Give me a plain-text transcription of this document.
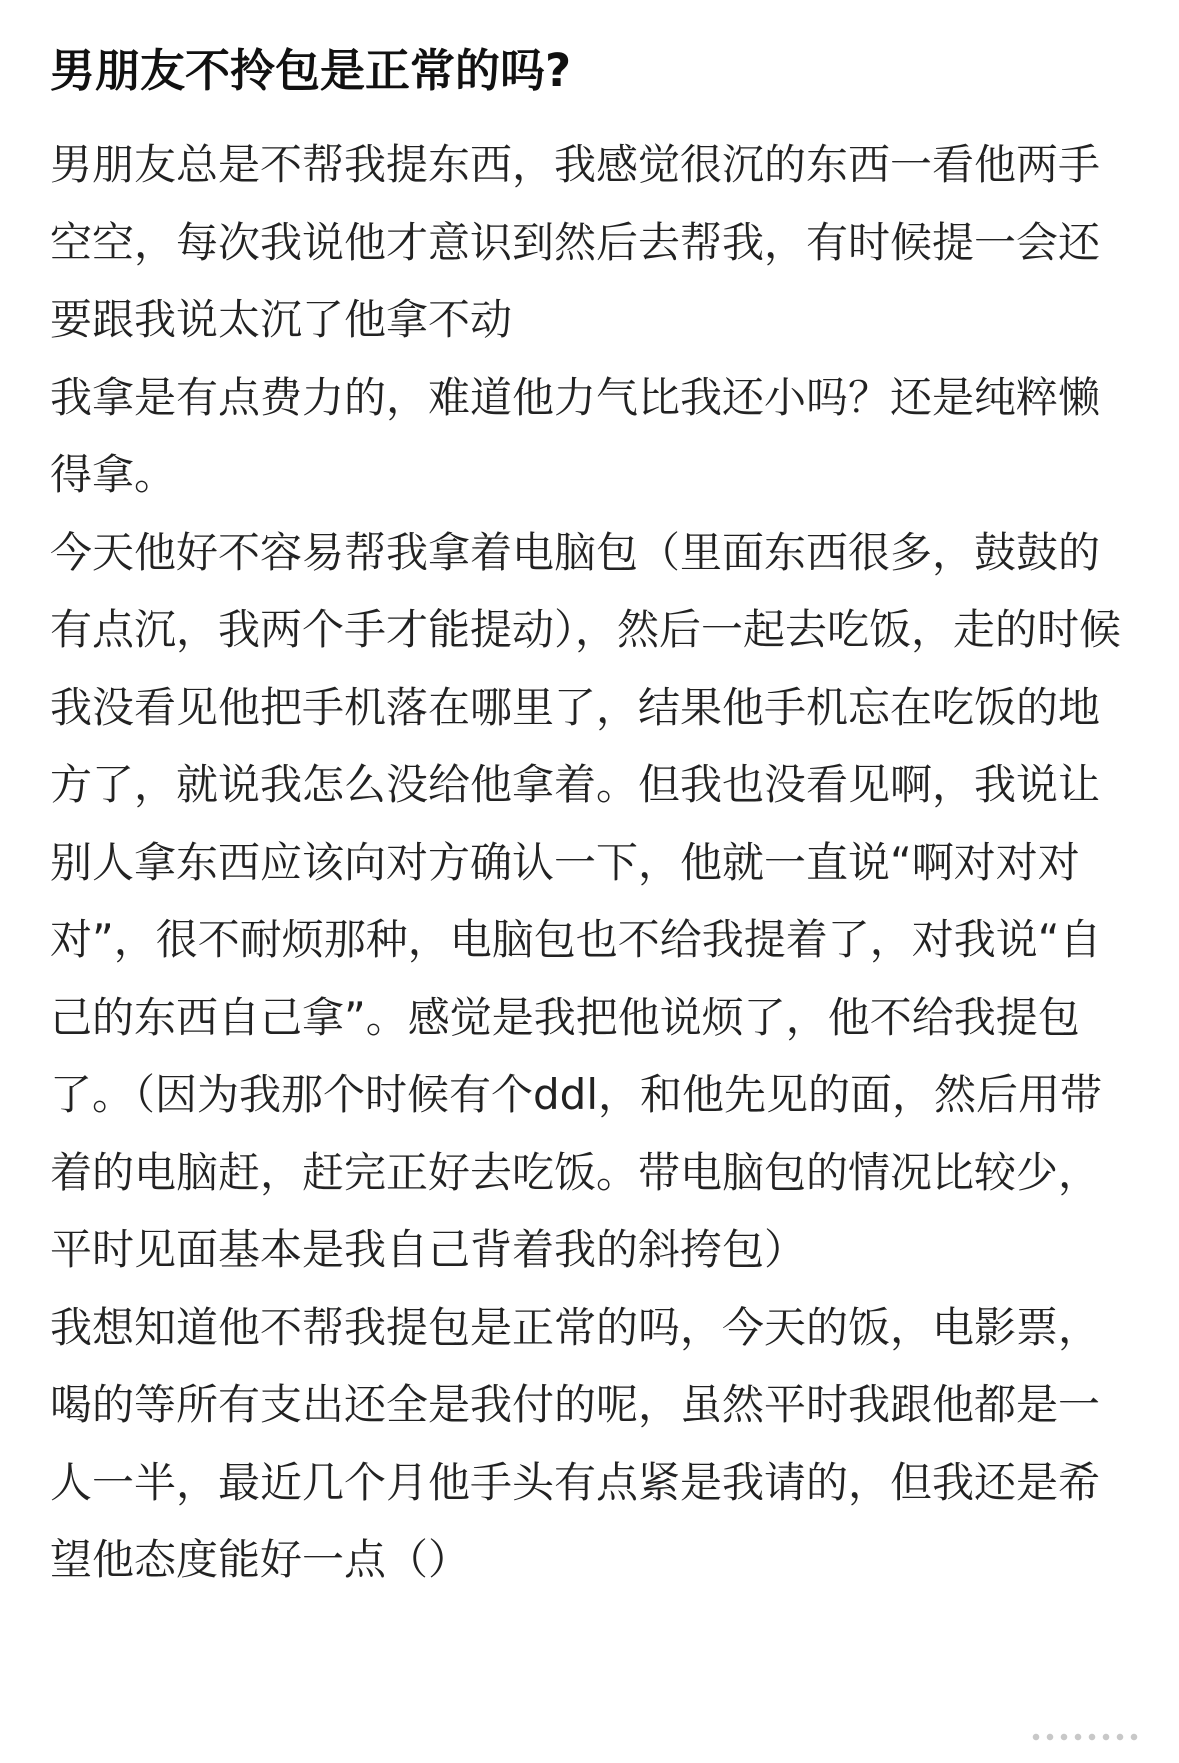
男朋友不拎包是正常的吗?

男朋友总是不帮我提东西，我感觉很沉的东西一看他两手空空，每次我说他才意识到然后去帮我，有时候提一会还要跟我说太沉了他拿不动

我拿是有点费力的，难道他力气比我还小吗？还是纯粹懒得拿。

今天他好不容易帮我拿着电脑包（里面东西很多，鼓鼓的有点沉，我两个手才能提动），然后一起去吃饭，走的时候我没看见他把手机落在哪里了，结果他手机忘在吃饭的地方了，就说我怎么没给他拿着。但我也没看见啊，我说让别人拿东西应该向对方确认一下，他就一直说“啊对对对对”，很不耐烦那种，电脑包也不给我提着了，对我说“自己的东西自己拿”。感觉是我把他说烦了，他不给我提包了。（因为我那个时候有个ddl，和他先见的面，然后用带着的电脑赶，赶完正好去吃饭。带电脑包的情况比较少，平时见面基本是我自己背着我的斜挎包）

我想知道他不帮我提包是正常的吗，今天的饭，电影票，喝的等所有支出还全是我付的呢，虽然平时我跟他都是一人一半，最近几个月他手头有点紧是我请的，但我还是希望他态度能好一点（）
